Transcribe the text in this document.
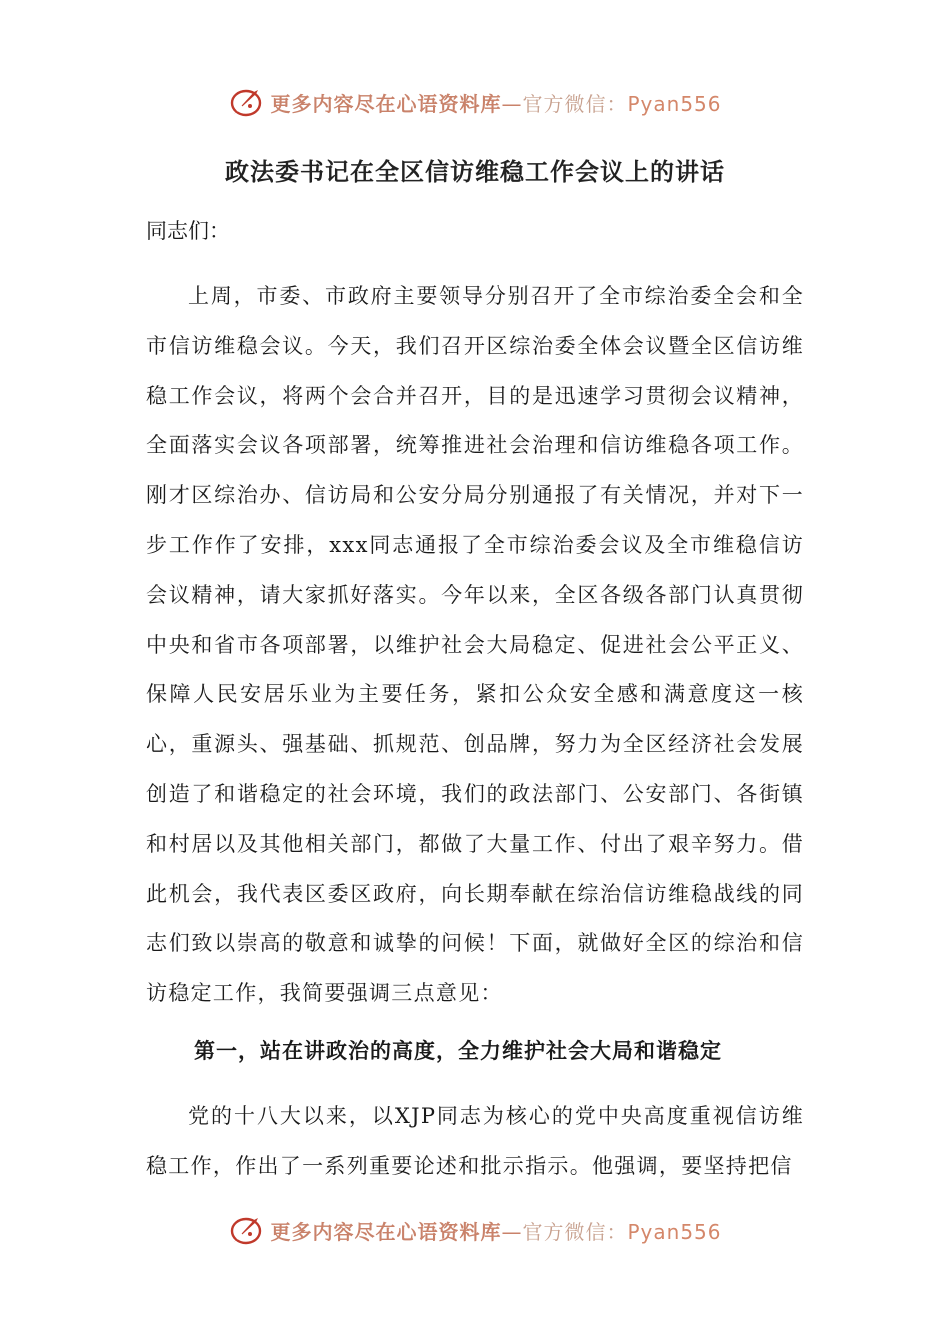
更多内容尽在心语资料库—官方微信：Pyan556
政法委书记在全区信访维稳工作会议上的讲话

同志们：

上周，市委、市政府主要领导分别召开了全市综治委全会和全市信访维稳会议。今天，我们召开区综治委全体会议暨全区信访维稳工作会议，将两个会合并召开，目的是迅速学习贯彻会议精神，全面落实会议各项部署，统筹推进社会治理和信访维稳各项工作。刚才区综治办、信访局和公安分局分别通报了有关情况，并对下一步工作作了安排，xxx同志通报了全市综治委会议及全市维稳信访会议精神，请大家抓好落实。今年以来，全区各级各部门认真贯彻中央和省市各项部署，以维护社会大局稳定、促进社会公平正义、保障人民安居乐业为主要任务，紧扣公众安全感和满意度这一核心，重源头、强基础、抓规范、创品牌，努力为全区经济社会发展创造了和谐稳定的社会环境，我们的政法部门、公安部门、各街镇和村居以及其他相关部门，都做了大量工作、付出了艰辛努力。借此机会，我代表区委区政府，向长期奉献在综治信访维稳战线的同志们致以崇高的敬意和诚挚的问候！下面，就做好全区的综治和信访稳定工作，我简要强调三点意见：

第一，站在讲政治的高度，全力维护社会大局和谐稳定

党的十八大以来，以XJP同志为核心的党中央高度重视信访维稳工作，作出了一系列重要论述和批示指示。他强调，要坚持把信

更多内容尽在心语资料库—官方微信：Pyan556
